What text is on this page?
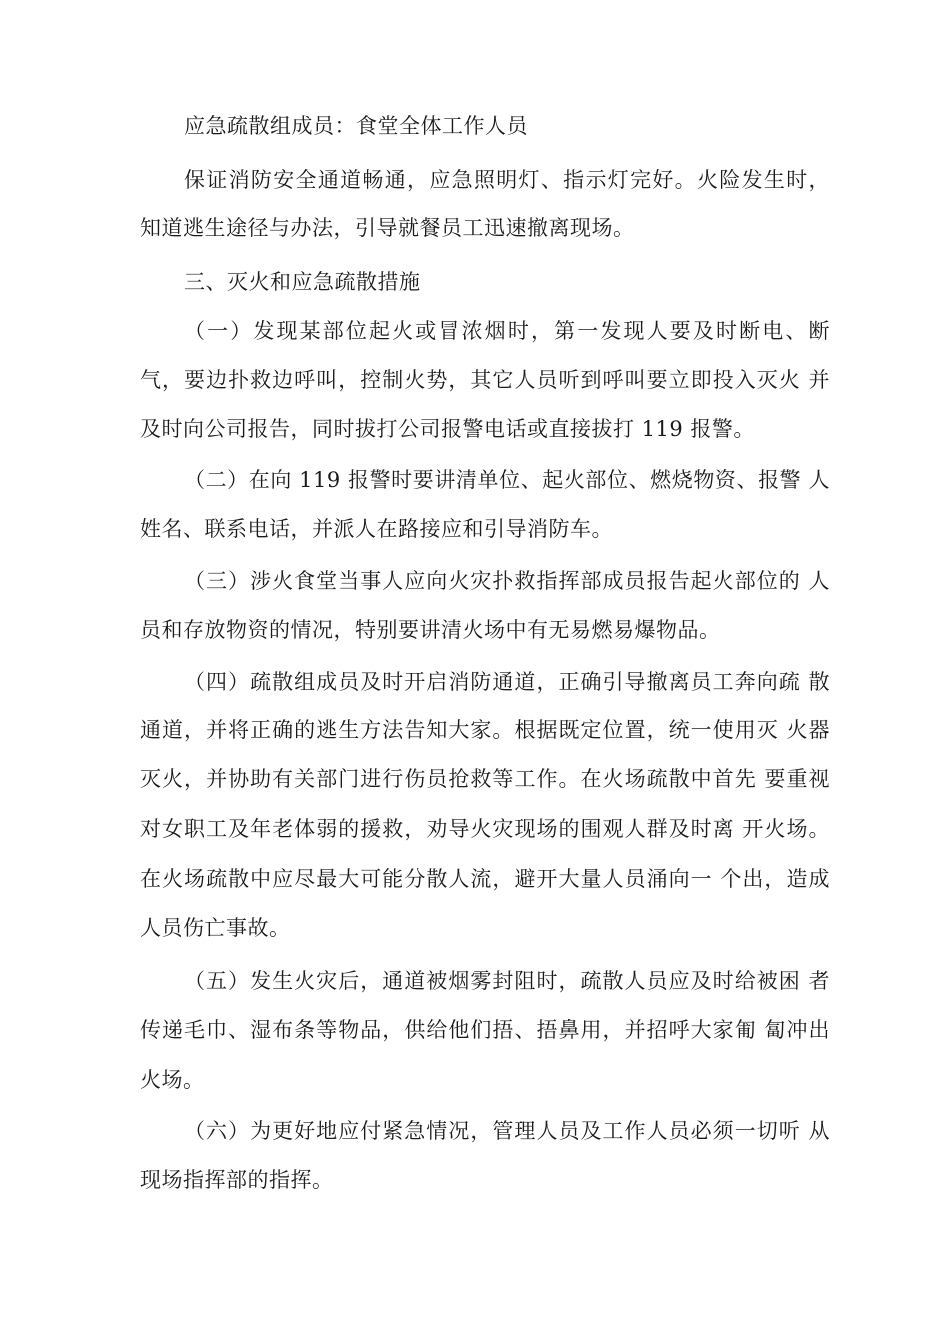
应急疏散组成员：食堂全体工作人员
保证消防安全通道畅通，应急照明灯、指示灯完好。火险发生时，
知道逃生途径与办法，引导就餐员工迅速撤离现场。
三、灭火和应急疏散措施
（一）发现某部位起火或冒浓烟时，第一发现人要及时断电、断
气，要边扑救边呼叫，控制火势，其它人员听到呼叫要立即投入灭火 并
及时向公司报告，同时拔打公司报警电话或直接拔打 119 报警。
（二）在向 119 报警时要讲清单位、起火部位、燃烧物资、报警 人
姓名、联系电话，并派人在路接应和引导消防车。
（三）涉火食堂当事人应向火灾扑救指挥部成员报告起火部位的 人
员和存放物资的情况，特别要讲清火场中有无易燃易爆物品。
（四）疏散组成员及时开启消防通道，正确引导撤离员工奔向疏 散
通道，并将正确的逃生方法告知大家。根据既定位置，统一使用灭 火器
灭火，并协助有关部门进行伤员抢救等工作。在火场疏散中首先 要重视
对女职工及年老体弱的援救，劝导火灾现场的围观人群及时离 开火场。
在火场疏散中应尽最大可能分散人流，避开大量人员涌向一 个出，造成
人员伤亡事故。
（五）发生火灾后，通道被烟雾封阻时，疏散人员应及时给被困 者
传递毛巾、湿布条等物品，供给他们捂、捂鼻用，并招呼大家匍 匐冲出
火场。
（六）为更好地应付紧急情况，管理人员及工作人员必须一切听 从
现场指挥部的指挥。
